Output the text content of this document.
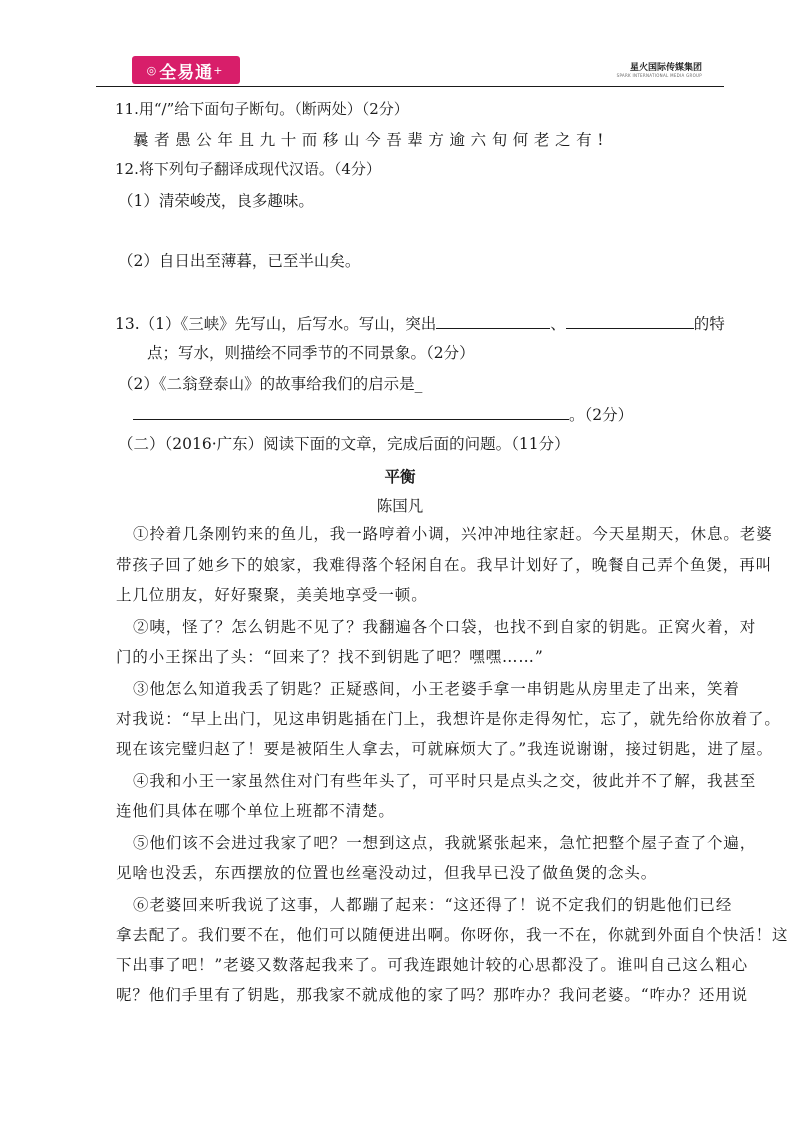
◎ 全易通 +	星火国际传媒集团
SPARK INTERNATIONAL MEDIA GROUP
11.用“/”给下面句子断句。（断两处）（2分）
曩者愚公年且九十而移山今吾辈方逾六旬何老之有!
12.将下列句子翻译成现代汉语。（4分）
（1）清荣峻茂，良多趣味。
（2）自日出至薄暮，已至半山矣。
13.（1）《三峡》先写山，后写水。写山，突出	、	的特
点；写水，则描绘不同季节的不同景象。（2分）
（2）《二翁登泰山》的故事给我们的启示是_
。（2分）
（二）（2016·广东）阅读下面的文章，完成后面的问题。（11分）
平衡
陈国凡
①拎着几条刚钓来的鱼儿，我一路哼着小调，兴冲冲地往家赶。今天星期天，休息。老婆
带孩子回了她乡下的娘家，我难得落个轻闲自在。我早计划好了，晚餐自己弄个鱼煲，再叫
上几位朋友，好好聚聚，美美地享受一顿。
②咦，怪了？怎么钥匙不见了？我翻遍各个口袋，也找不到自家的钥匙。正窝火着，对
门的小王探出了头：“回来了？找不到钥匙了吧？嘿嘿……”
③他怎么知道我丢了钥匙？正疑惑间，小王老婆手拿一串钥匙从房里走了出来，笑着
对我说：“早上出门，见这串钥匙插在门上，我想许是你走得匆忙，忘了，就先给你放着了。
现在该完璧归赵了！要是被陌生人拿去，可就麻烦大了。”我连说谢谢，接过钥匙，进了屋。
④我和小王一家虽然住对门有些年头了，可平时只是点头之交，彼此并不了解，我甚至
连他们具体在哪个单位上班都不清楚。
⑤他们该不会进过我家了吧？一想到这点，我就紧张起来，急忙把整个屋子查了个遍，
见啥也没丢，东西摆放的位置也丝毫没动过，但我早已没了做鱼煲的念头。
⑥老婆回来听我说了这事，人都蹦了起来：“这还得了！说不定我们的钥匙他们已经
拿去配了。我们要不在，他们可以随便进出啊。你呀你，我一不在，你就到外面自个快活！这
下出事了吧！”老婆又数落起我来了。可我连跟她计较的心思都没了。谁叫自己这么粗心
呢？他们手里有了钥匙，那我家不就成他的家了吗？那咋办？我问老婆。“咋办？还用说
